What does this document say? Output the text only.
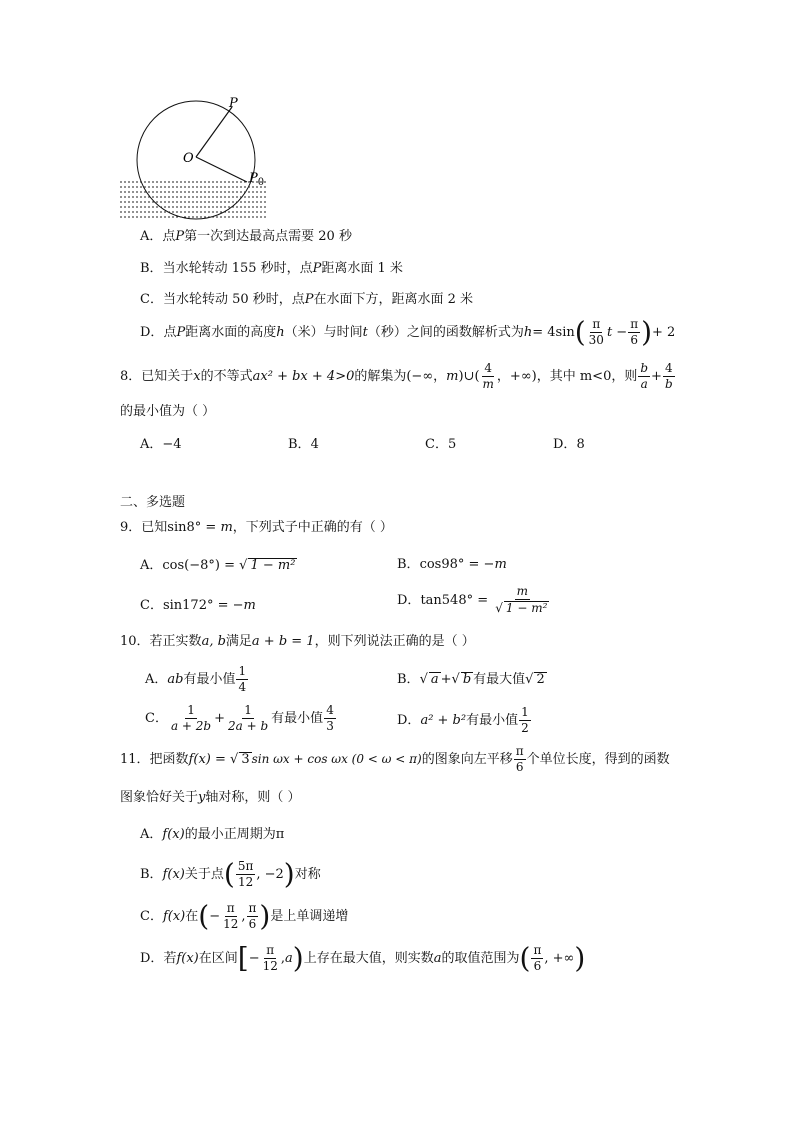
P
O
$P_0$
A．点P第一次到达最高点需要 20 秒
B．当水轮转动 155 秒时，点P距离水面 1 米
C．当水轮转动 50 秒时，点P在水面下方，距离水面 2 米
D．点P距离水面的高度h（米）与时间t（秒）之间的函数解析式为$h= 4\sin( \frac{\pi}{30}$ $t - \frac{\pi}{6}$ )+ 2
8．已知关于x的不等式ax² + bx + 4>0的解集为(−∞，m)∪( $\frac{4}{m}$ ，+∞)，其中 m<0，则 $\frac{b}{a} + \frac{4}{b}$
的最小值为（ ）
A．−4	B．4	C．5	D．8
二、多选题
9．已知sin8° = m，下列式子中正确的有（ ）
A．cos(−8°) = √ 1 − m²	B．cos98° = −m
C．sin172° = −m	D．$\tan 548^\circ = \frac{m}{\text{√ 1 − m²}}$
10．若正实数a, b满足a + b = 1，则下列说法正确的是（ ）
A．ab有最小值 $\frac{1}{4}$	B．√ a +√ b 有最大值√ 2
C． $\frac{1}{a + 2b} + \frac{1}{2a + b}$ 有最小值 $\frac{4}{3}$	D．a² + b²有最小值 $\frac{1}{2}$
11．把函数f(x) = √ 3 sin ωx + cos ωx (0 < ω < π)的图象向左平移 $\frac{\pi}{6}$ 个单位长度，得到的函数
图象恰好关于y轴对称，则（ ）
A．f(x)的最小正周期为π
B．f(x)关于点( $\frac{5\pi}{12}$ , −2)对称
C．f(x)在(− $\frac{\pi}{12}$ , $\frac{\pi}{6}$ )是上单调递增
D．若f(x)在区间[− $\frac{\pi}{12} ,a$)上存在最大值，则实数a的取值范围为( $\frac{\pi}{6}$ , +∞)
